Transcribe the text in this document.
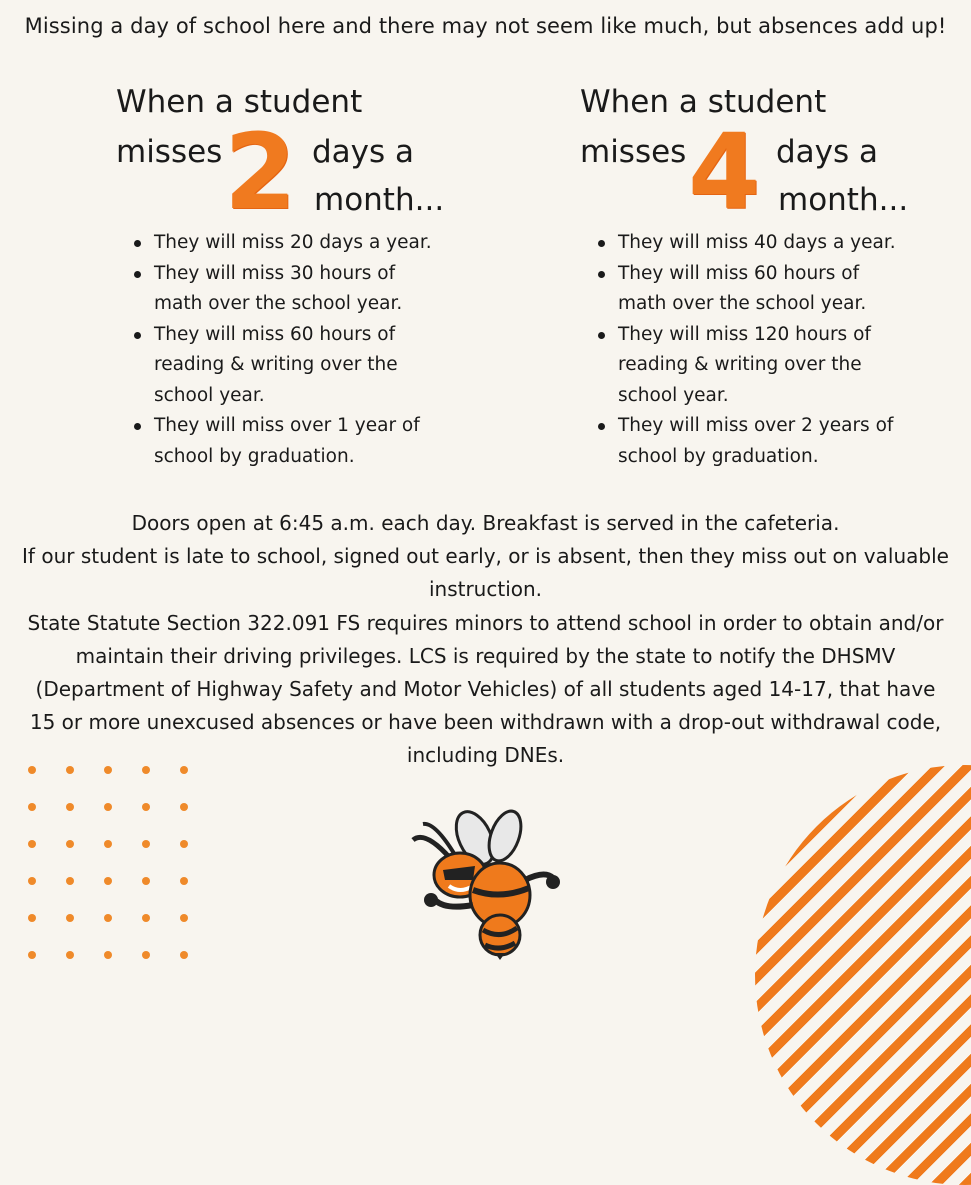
Missing a day of school here and there may not seem like much, but absences add up!
When a student
misses 2 days a
month...
They will miss 20 days a year.
They will miss 30 hours of math over the school year.
They will miss 60 hours of reading & writing over the school year.
They will miss over 1 year of school by graduation.
When a student
misses 4 days a
month...
They will miss 40 days a year.
They will miss 60 hours of math over the school year.
They will miss 120 hours of reading & writing over the school year.
They will miss over 2 years of school by graduation.
Doors open at 6:45 a.m. each day. Breakfast is served in the cafeteria.
If our student is late to school, signed out early, or is absent, then they miss out on valuable instruction.
State Statute Section 322.091 FS requires minors to attend school in order to obtain and/or maintain their driving privileges. LCS is required by the state to notify the DHSMV (Department of Highway Safety and Motor Vehicles) of all students aged 14-17, that have 15 or more unexcused absences or have been withdrawn with a drop-out withdrawal code, including DNEs.
